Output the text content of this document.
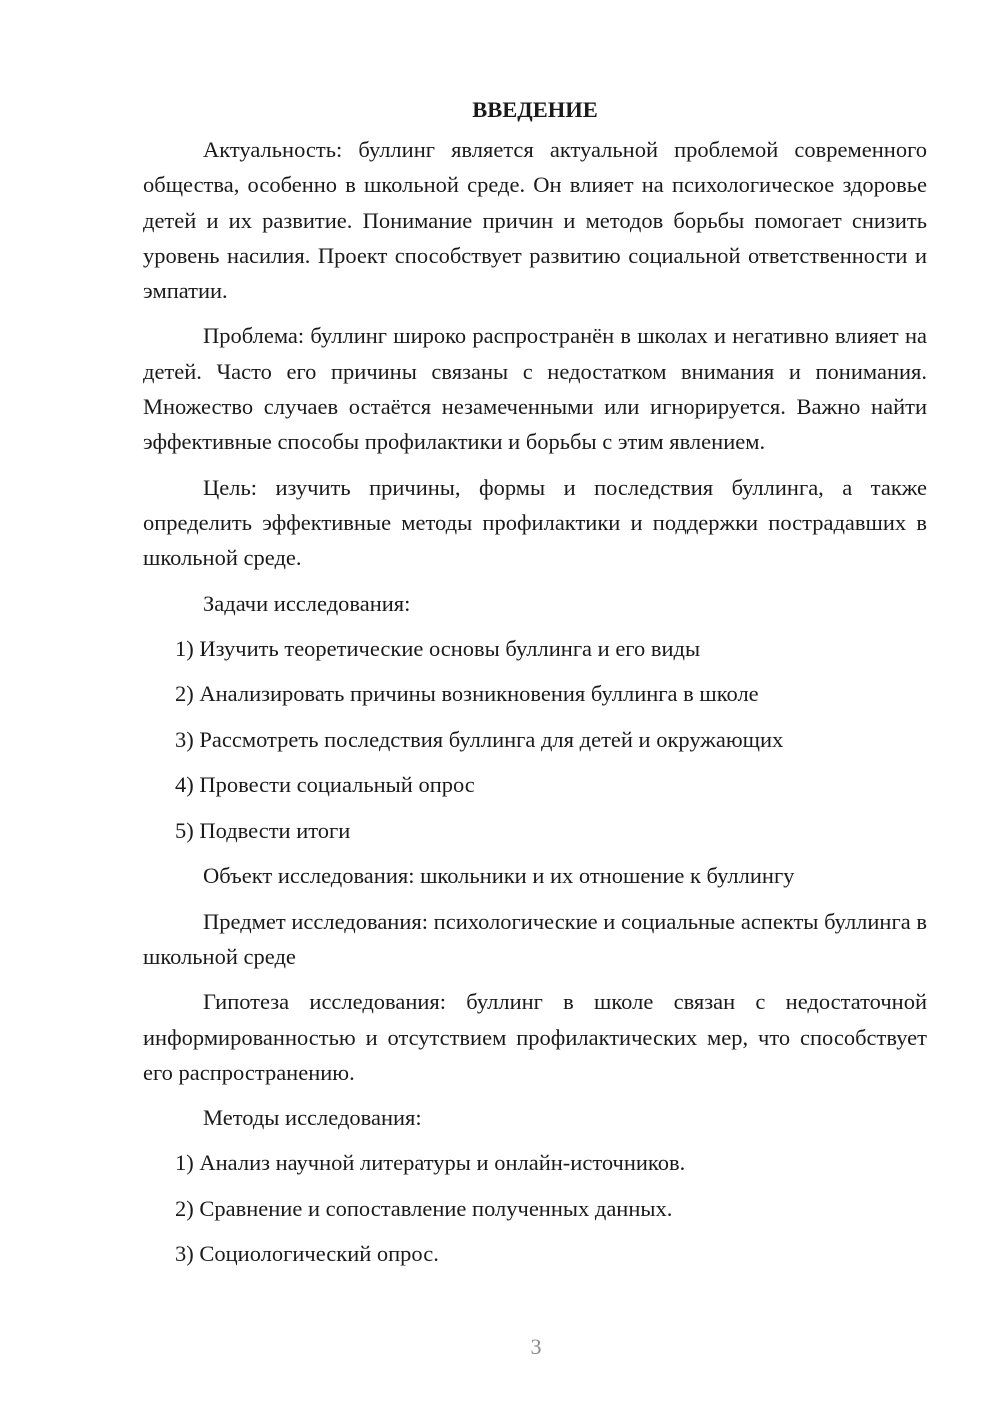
ВВЕДЕНИЕ

Актуальность: буллинг является актуальной проблемой современного общества, особенно в школьной среде. Он влияет на психологическое здоровье детей и их развитие. Понимание причин и методов борьбы помогает снизить уровень насилия. Проект способствует развитию социальной ответственности и эмпатии.

Проблема: буллинг широко распространён в школах и негативно влияет на детей. Часто его причины связаны с недостатком внимания и понимания. Множество случаев остаётся незамеченными или игнорируется. Важно найти эффективные способы профилактики и борьбы с этим явлением.

Цель: изучить причины, формы и последствия буллинга, а также определить эффективные методы профилактики и поддержки пострадавших в школьной среде.

Задачи исследования:

1) Изучить теоретические основы буллинга и его виды
2) Анализировать причины возникновения буллинга в школе
3) Рассмотреть последствия буллинга для детей и окружающих
4) Провести социальный опрос
5) Подвести итоги

Объект исследования: школьники и их отношение к буллингу

Предмет исследования: психологические и социальные аспекты буллинга в школьной среде

Гипотеза исследования: буллинг в школе связан с недостаточной информированностью и отсутствием профилактических мер, что способствует его распространению.

Методы исследования:

1) Анализ научной литературы и онлайн-источников.
2) Сравнение и сопоставление полученных данных.
3) Социологический опрос.
3
